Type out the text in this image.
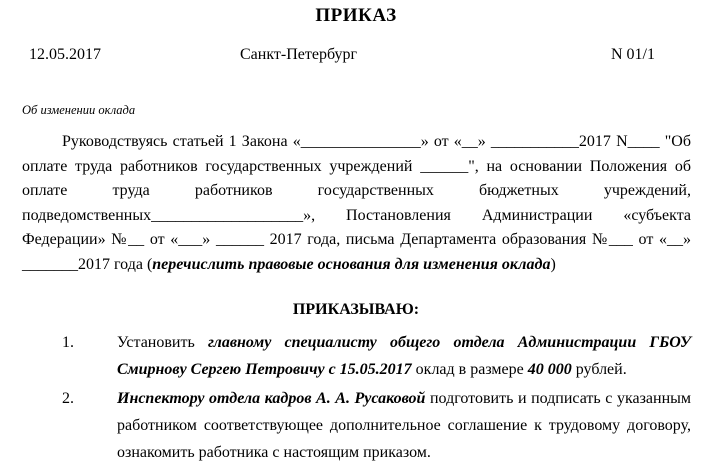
ПРИКАЗ
12.05.2017	Санкт-Петербург	N 01/1
Об изменении оклада

Руководствуясь статьей 1 Закона «_______________» от «__» ___________2017 N____ "Об оплате труда работников государственных учреждений ______", на основании Положения об оплате труда работников государственных бюджетных учреждений, подведомственных___________________», Постановления Администрации «субъекта Федерации» №__ от «___» ______ 2017 года, письма Департамента образования №___ от «__» _______2017 года (перечислить правовые основания для изменения оклада)

ПРИКАЗЫВАЮ:
1.	Установить главному специалисту общего отдела Администрации ГБОУ Смирнову Сергею Петровичу с 15.05.2017 оклад в размере 40 000 рублей.

2.	Инспектору отдела кадров А. А. Русаковой подготовить и подписать с указанным работником соответствующее дополнительное соглашение к трудовому договору, ознакомить работника с настоящим приказом.
